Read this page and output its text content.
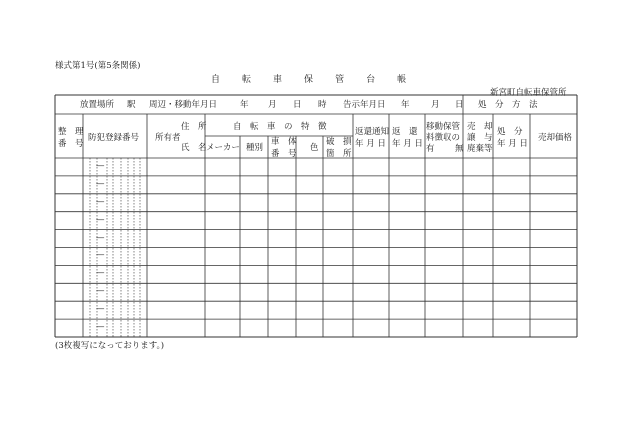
様式第1号(第5条関係)
自 転 車 保 管 台 帳
新宮町自転車保管所
放置場所 駅 周辺・移動年月日	年 月 日 時 告示年月日 年	月 日 処　分　方　法
整　理
番　号
防犯登録番号 所有者
住　所
氏　名
自　転　車　の　特　徴
メーカー 種別
車　体
番　号
色
破　損
箇　所
返還通知
年 月 日
返　還
年 月 日
移動保管
料徴収の
有 無
売　却
譲　与
廃棄等
処　分
年 月 日
売却価格
—
—
—
—
—
—
—
—
—
—
(3枚複写になっております。)
